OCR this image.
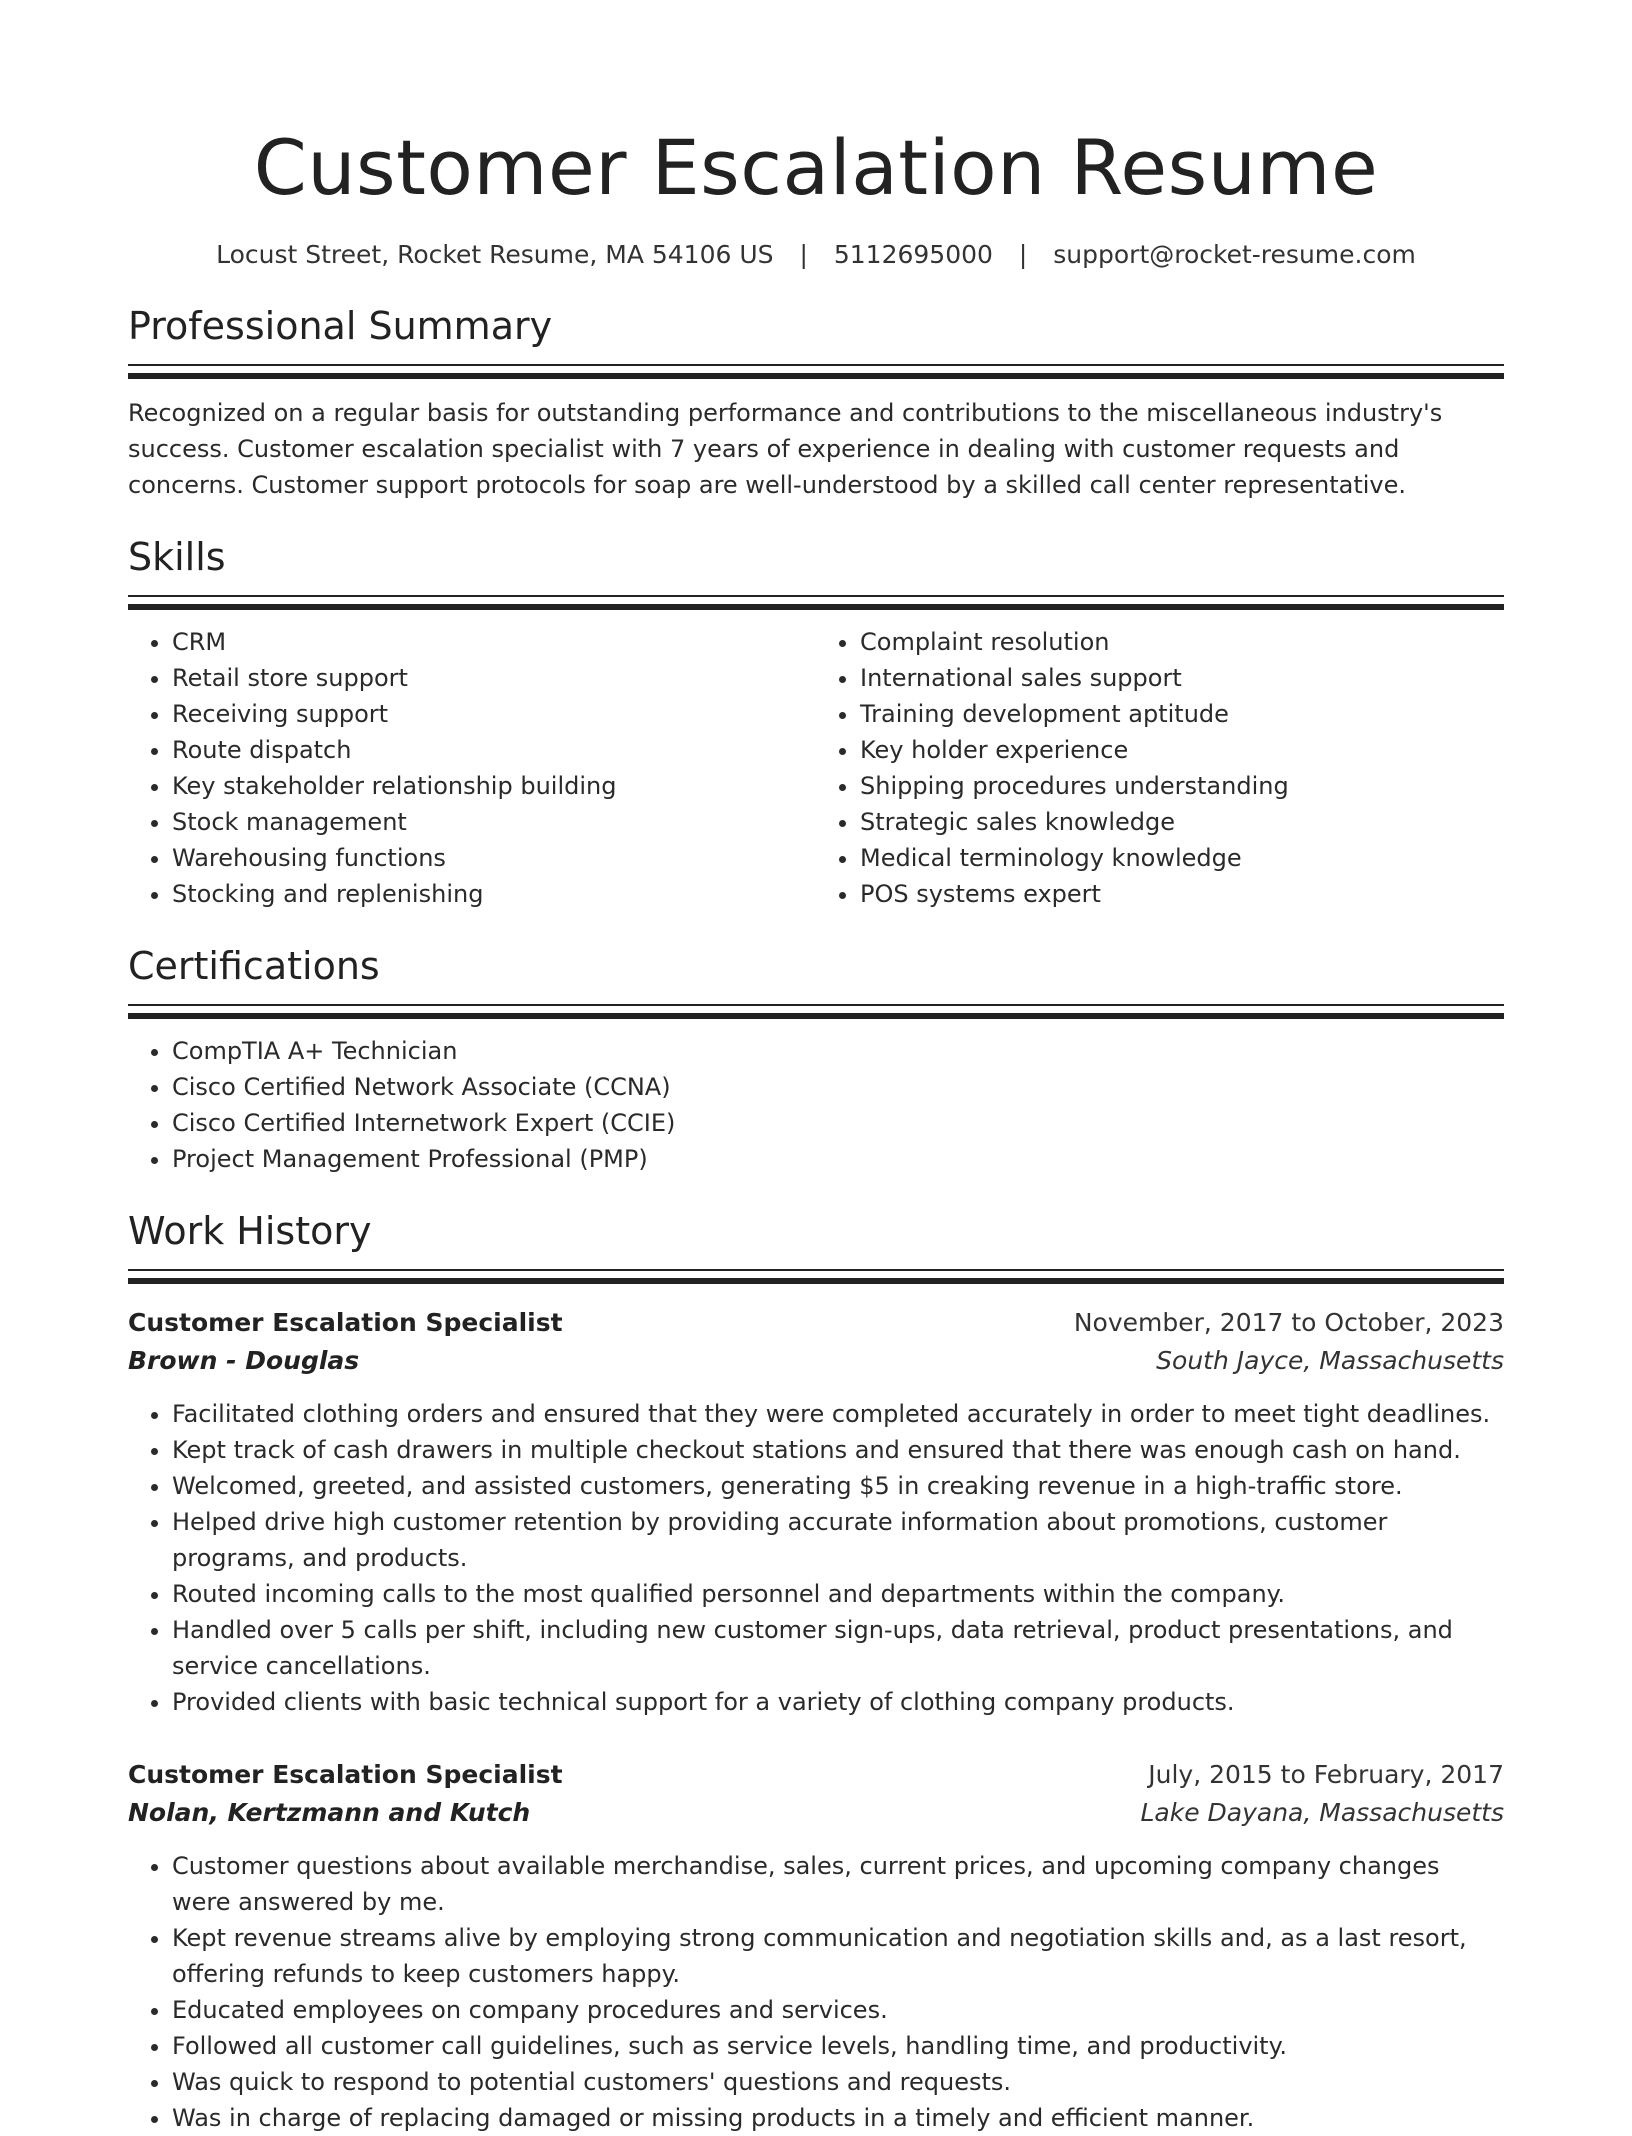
Customer Escalation Resume
Locust Street, Rocket Resume, MA 54106 US | 5112695000 | support@rocket-resume.com
Professional Summary
Recognized on a regular basis for outstanding performance and contributions to the miscellaneous industry's success. Customer escalation specialist with 7 years of experience in dealing with customer requests and concerns. Customer support protocols for soap are well-understood by a skilled call center representative.
Skills
• CRM
• Retail store support
• Receiving support
• Route dispatch
• Key stakeholder relationship building
• Stock management
• Warehousing functions
• Stocking and replenishing
• Complaint resolution
• International sales support
• Training development aptitude
• Key holder experience
• Shipping procedures understanding
• Strategic sales knowledge
• Medical terminology knowledge
• POS systems expert
Certifications
• CompTIA A+ Technician
• Cisco Certified Network Associate (CCNA)
• Cisco Certified Internetwork Expert (CCIE)
• Project Management Professional (PMP)
Work History
Customer Escalation Specialist	November, 2017 to October, 2023
Brown - Douglas	South Jayce, Massachusetts
• Facilitated clothing orders and ensured that they were completed accurately in order to meet tight deadlines.
• Kept track of cash drawers in multiple checkout stations and ensured that there was enough cash on hand.
• Welcomed, greeted, and assisted customers, generating $5 in creaking revenue in a high-traffic store.
• Helped drive high customer retention by providing accurate information about promotions, customer programs, and products.
• Routed incoming calls to the most qualified personnel and departments within the company.
• Handled over 5 calls per shift, including new customer sign-ups, data retrieval, product presentations, and service cancellations.
• Provided clients with basic technical support for a variety of clothing company products.
Customer Escalation Specialist	July, 2015 to February, 2017
Nolan, Kertzmann and Kutch	Lake Dayana, Massachusetts
• Customer questions about available merchandise, sales, current prices, and upcoming company changes were answered by me.
• Kept revenue streams alive by employing strong communication and negotiation skills and, as a last resort, offering refunds to keep customers happy.
• Educated employees on company procedures and services.
• Followed all customer call guidelines, such as service levels, handling time, and productivity.
• Was quick to respond to potential customers' questions and requests.
• Was in charge of replacing damaged or missing products in a timely and efficient manner.
